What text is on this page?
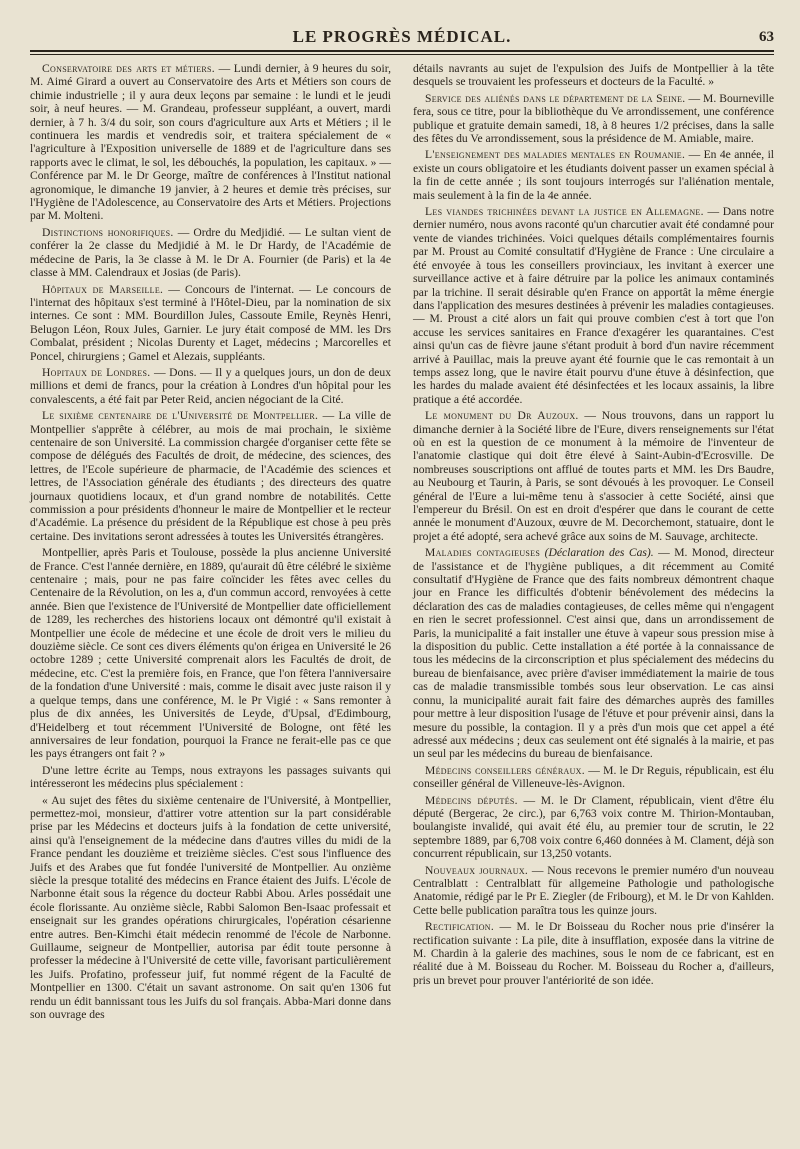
LE PROGRÈS MÉDICAL.	63

Conservatoire des arts et métiers. — Lundi dernier, à 9 heures du soir, M. Aimé Girard a ouvert au Conservatoire des Arts et Métiers son cours de chimie industrielle ; il y aura deux leçons par semaine : le lundi et le jeudi soir, à neuf heures. — M. Grandeau, professeur suppléant, a ouvert, mardi dernier, à 7 h. 3/4 du soir, son cours d'agriculture aux Arts et Métiers ; il le continuera les mardis et vendredis soir, et traitera spécialement de « l'agriculture à l'Exposition universelle de 1889 et de l'agriculture dans ses rapports avec le climat, le sol, les débouchés, la population, les capitaux. » — Conférence par M. le Dr George, maître de conférences à l'Institut national agronomique, le dimanche 19 janvier, à 2 heures et demie très précises, sur l'Hygiène de l'Adolescence, au Conservatoire des Arts et Métiers. Projections par M. Molteni.

Distinctions honorifiques. — Ordre du Medjidié. — Le sultan vient de conférer la 2e classe du Medjidié à M. le Dr Hardy, de l'Académie de médecine de Paris, la 3e classe à M. le Dr A. Fournier (de Paris) et la 4e classe à MM. Calendraux et Josias (de Paris).

Hôpitaux de Marseille. — Concours de l'internat. — Le concours de l'internat des hôpitaux s'est terminé à l'Hôtel-Dieu, par la nomination de six internes. Ce sont : MM. Bourdillon Jules, Cassoute Emile, Reynès Henri, Belugon Léon, Roux Jules, Garnier. Le jury était composé de MM. les Drs Combalat, président ; Nicolas Durenty et Laget, médecins ; Marcorelles et Poncel, chirurgiens ; Gamel et Alezais, suppléants.

Hopitaux de Londres. — Dons. — Il y a quelques jours, un don de deux millions et demi de francs, pour la création à Londres d'un hôpital pour les convalescents, a été fait par Peter Reid, ancien négociant de la Cité.

Le sixième centenaire de l'Université de Montpellier. — La ville de Montpellier s'apprête à célébrer, au mois de mai prochain, le sixième centenaire de son Université. La commission chargée d'organiser cette fête se compose de délégués des Facultés de droit, de médecine, des sciences, des lettres, de l'Ecole supérieure de pharmacie, de l'Académie des sciences et lettres, de l'Association générale des étudiants ; des directeurs des quatre journaux quotidiens locaux, et d'un grand nombre de notabilités. Cette commission a pour présidents d'honneur le maire de Montpellier et le recteur d'Académie. La présence du président de la République est chose à peu près certaine. Des invitations seront adressées à toutes les Universités étrangères.

Montpellier, après Paris et Toulouse, possède la plus ancienne Université de France. C'est l'année dernière, en 1889, qu'aurait dû être célébré le sixième centenaire ; mais, pour ne pas faire coïncider les fêtes avec celles du Centenaire de la Révolution, on les a, d'un commun accord, renvoyées à cette année. Bien que l'existence de l'Université de Montpellier date officiellement de 1289, les recherches des historiens locaux ont démontré qu'il existait à Montpellier une école de médecine et une école de droit vers le milieu du douzième siècle. Ce sont ces divers éléments qu'on érigea en Université le 26 octobre 1289 ; cette Université comprenait alors les Facultés de droit, de médecine, etc. C'est la première fois, en France, que l'on fêtera l'anniversaire de la fondation d'une Université : mais, comme le disait avec juste raison il y a quelque temps, dans une conférence, M. le Pr Vigié : « Sans remonter à plus de dix années, les Universités de Leyde, d'Upsal, d'Edimbourg, d'Heidelberg et tout récemment l'Université de Bologne, ont fêté les anniversaires de leur fondation, pourquoi la France ne ferait-elle pas ce que les pays étrangers ont fait ? »

D'une lettre écrite au Temps, nous extrayons les passages suivants qui intéresseront les médecins plus spécialement :

« Au sujet des fêtes du sixième centenaire de l'Université, à Montpellier, permettez-moi, monsieur, d'attirer votre attention sur la part considérable prise par les Médecins et docteurs juifs à la fondation de cette université, ainsi qu'à l'enseignement de la médecine dans d'autres villes du midi de la France pendant les douzième et treizième siècles. C'est sous l'influence des Juifs et des Arabes que fut fondée l'université de Montpellier. Au onzième siècle la presque totalité des médecins en France étaient des Juifs. L'école de Narbonne était sous la régence du docteur Rabbi Abou. Arles possédait une école florissante. Au onzième siècle, Rabbi Salomon Ben-Isaac professait et enseignait sur les grandes opérations chirurgicales, l'opération césarienne entre autres. Ben-Kimchi était médecin renommé de l'école de Narbonne. Guillaume, seigneur de Montpellier, autorisa par édit toute personne à professer la médecine à l'Université de cette ville, favorisant particulièrement les Juifs. Profatino, professeur juif, fut nommé régent de la Faculté de Montpellier en 1300. C'était un savant astronome. On sait qu'en 1306 fut rendu un édit bannissant tous les Juifs du sol français. Abba-Mari donne dans son ouvrage des

détails navrants au sujet de l'expulsion des Juifs de Montpellier à la tête desquels se trouvaient les professeurs et docteurs de la Faculté. »

Service des aliénés dans le département de la Seine. — M. Bourneville fera, sous ce titre, pour la bibliothèque du Ve arrondissement, une conférence publique et gratuite demain samedi, 18, à 8 heures 1/2 précises, dans la salle des fêtes du Ve arrondissement, sous la présidence de M. Amiable, maire.

L'enseignement des maladies mentales en Roumanie. — En 4e année, il existe un cours obligatoire et les étudiants doivent passer un examen spécial à la fin de cette année ; ils sont toujours interrogés sur l'aliénation mentale, mais seulement à la fin de la 4e année.

Les viandes trichinées devant la justice en Allemagne. — Dans notre dernier numéro, nous avons raconté qu'un charcutier avait été condamné pour vente de viandes trichinées. Voici quelques détails complémentaires fournis par M. Proust au Comité consultatif d'Hygiène de France : Une circulaire a été envoyée à tous les conseillers provinciaux, les invitant à exercer une surveillance active et à faire détruire par la police les animaux contaminés par la trichine. Il serait désirable qu'en France on apportât la même énergie dans l'application des mesures destinées à prévenir les maladies contagieuses. — M. Proust a cité alors un fait qui prouve combien c'est à tort que l'on accuse les services sanitaires en France d'exagérer les quarantaines. C'est ainsi qu'un cas de fièvre jaune s'étant produit à bord d'un navire récemment arrivé à Pauillac, mais la preuve ayant été fournie que le cas remontait à un temps assez long, que le navire était pourvu d'une étuve à désinfection, que les hardes du malade avaient été désinfectées et les locaux assainis, la libre pratique a été accordée.

Le monument du Dr Auzoux. — Nous trouvons, dans un rapport lu dimanche dernier à la Société libre de l'Eure, divers renseignements sur l'état où en est la question de ce monument à la mémoire de l'inventeur de l'anatomie clastique qui doit être élevé à Saint-Aubin-d'Ecrosville. De nombreuses souscriptions ont afflué de toutes parts et MM. les Drs Baudre, au Neubourg et Taurin, à Paris, se sont dévoués à les provoquer. Le Conseil général de l'Eure a lui-même tenu à s'associer à cette Société, ainsi que l'empereur du Brésil. On est en droit d'espérer que dans le courant de cette année le monument d'Auzoux, œuvre de M. Decorchemont, statuaire, dont le projet a été adopté, sera achevé grâce aux soins de M. Sauvage, architecte.

Maladies contagieuses (Déclaration des Cas). — M. Monod, directeur de l'assistance et de l'hygiène publiques, a dit récemment au Comité consultatif d'Hygiène de France que des faits nombreux démontrent chaque jour en France les difficultés d'obtenir bénévolement des médecins la déclaration des cas de maladies contagieuses, de celles même qui n'engagent en rien le secret professionnel. C'est ainsi que, dans un arrondissement de Paris, la municipalité a fait installer une étuve à vapeur sous pression mise à la disposition du public. Cette installation a été portée à la connaissance de tous les médecins de la circonscription et plus spécialement des médecins du bureau de bienfaisance, avec prière d'aviser immédiatement la mairie de tous cas de maladie transmissible tombés sous leur observation. Le cas ainsi connu, la municipalité aurait fait faire des démarches auprès des familles pour mettre à leur disposition l'usage de l'étuve et pour prévenir ainsi, dans la mesure du possible, la contagion. Il y a près d'un mois que cet appel a été adressé aux médecins ; deux cas seulement ont été signalés à la mairie, et pas un seul par les médecins du bureau de bienfaisance.

Médecins conseillers généraux. — M. le Dr Reguis, républicain, est élu conseiller général de Villeneuve-lès-Avignon.

Médecins députés. — M. le Dr Clament, républicain, vient d'être élu député (Bergerac, 2e circ.), par 6,763 voix contre M. Thirion-Montauban, boulangiste invalidé, qui avait été élu, au premier tour de scrutin, le 22 septembre 1889, par 6,708 voix contre 6,460 données à M. Clament, déjà son concurrent républicain, sur 13,250 votants.

Nouveaux journaux. — Nous recevons le premier numéro d'un nouveau Centralblatt : Centralblatt für allgemeine Pathologie und pathologische Anatomie, rédigé par le Pr E. Ziegler (de Fribourg), et M. le Dr von Kahlden. Cette belle publication paraîtra tous les quinze jours.

Rectification. — M. le Dr Boisseau du Rocher nous prie d'insérer la rectification suivante : La pile, dite à insufflation, exposée dans la vitrine de M. Chardin à la galerie des machines, sous le nom de ce fabricant, est en réalité due à M. Boisseau du Rocher. M. Boisseau du Rocher a, d'ailleurs, pris un brevet pour prouver l'antériorité de son idée.
